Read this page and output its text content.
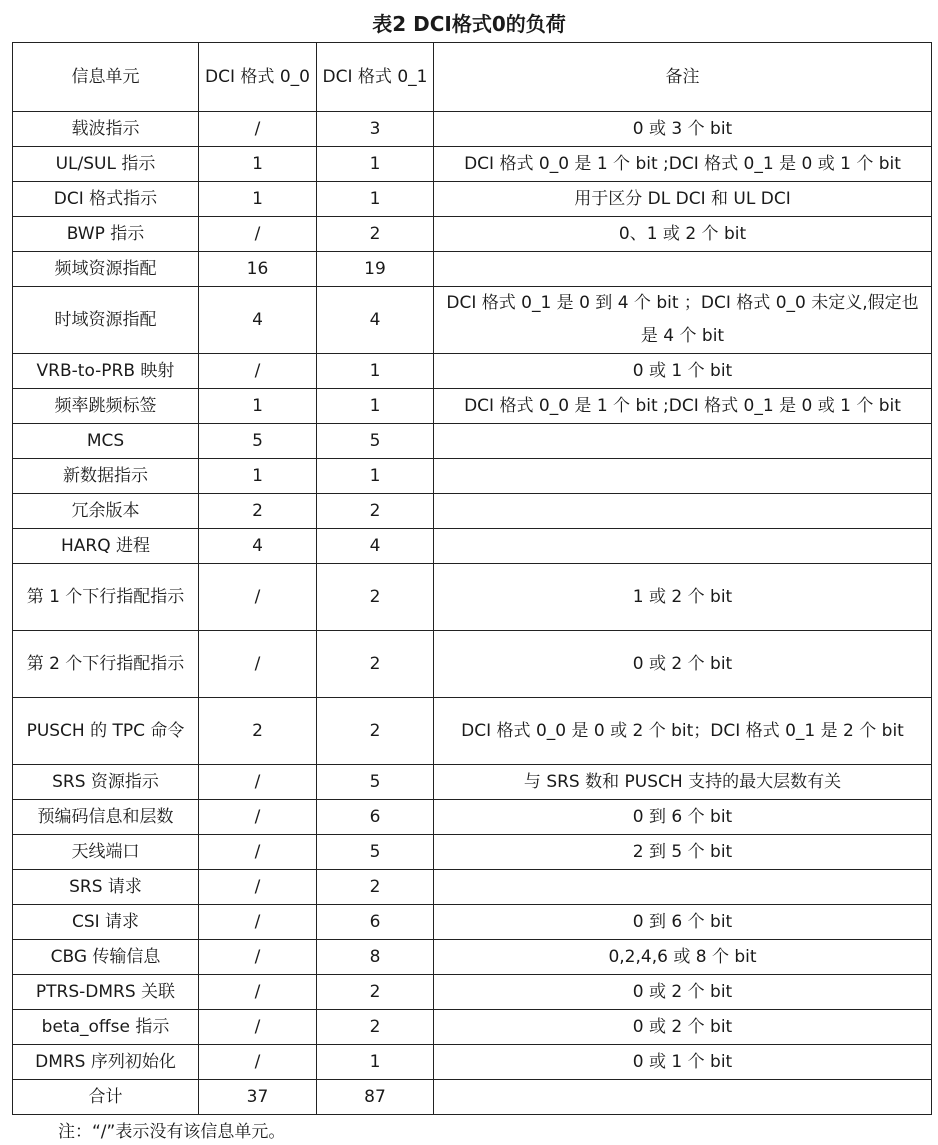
表2 DCI格式0的负荷
信息单元	DCI 格式 0_0	DCI 格式 0_1	备注
载波指示	/	3	0 或 3 个 bit
UL/SUL 指示	1	1	DCI 格式 0_0 是 1 个 bit ;DCI 格式 0_1 是 0 或 1 个 bit
DCI 格式指示	1	1	用于区分 DL DCI 和 UL DCI
BWP 指示	/	2	0、1 或 2 个 bit
频域资源指配	16	19	
时域资源指配	4	4	DCI 格式 0_1 是 0 到 4 个 bit ；DCI 格式 0_0 未定义,假定也是 4 个 bit
VRB-to-PRB 映射	/	1	0 或 1 个 bit
频率跳频标签	1	1	DCI 格式 0_0 是 1 个 bit ;DCI 格式 0_1 是 0 或 1 个 bit
MCS	5	5	
新数据指示	1	1	
冗余版本	2	2	
HARQ 进程	4	4	
第 1 个下行指配指示	/	2	1 或 2 个 bit
第 2 个下行指配指示	/	2	0 或 2 个 bit
PUSCH 的 TPC 命令	2	2	DCI 格式 0_0 是 0 或 2 个 bit；DCI 格式 0_1 是 2 个 bit
SRS 资源指示	/	5	与 SRS 数和 PUSCH 支持的最大层数有关
预编码信息和层数	/	6	0 到 6 个 bit
天线端口	/	5	2 到 5 个 bit
SRS 请求	/	2	
CSI 请求	/	6	0 到 6 个 bit
CBG 传输信息	/	8	0,2,4,6 或 8 个 bit
PTRS-DMRS 关联	/	2	0 或 2 个 bit
beta_offse 指示	/	2	0 或 2 个 bit
DMRS 序列初始化	/	1	0 或 1 个 bit
合计	37	87	
注：“/”表示没有该信息单元。
